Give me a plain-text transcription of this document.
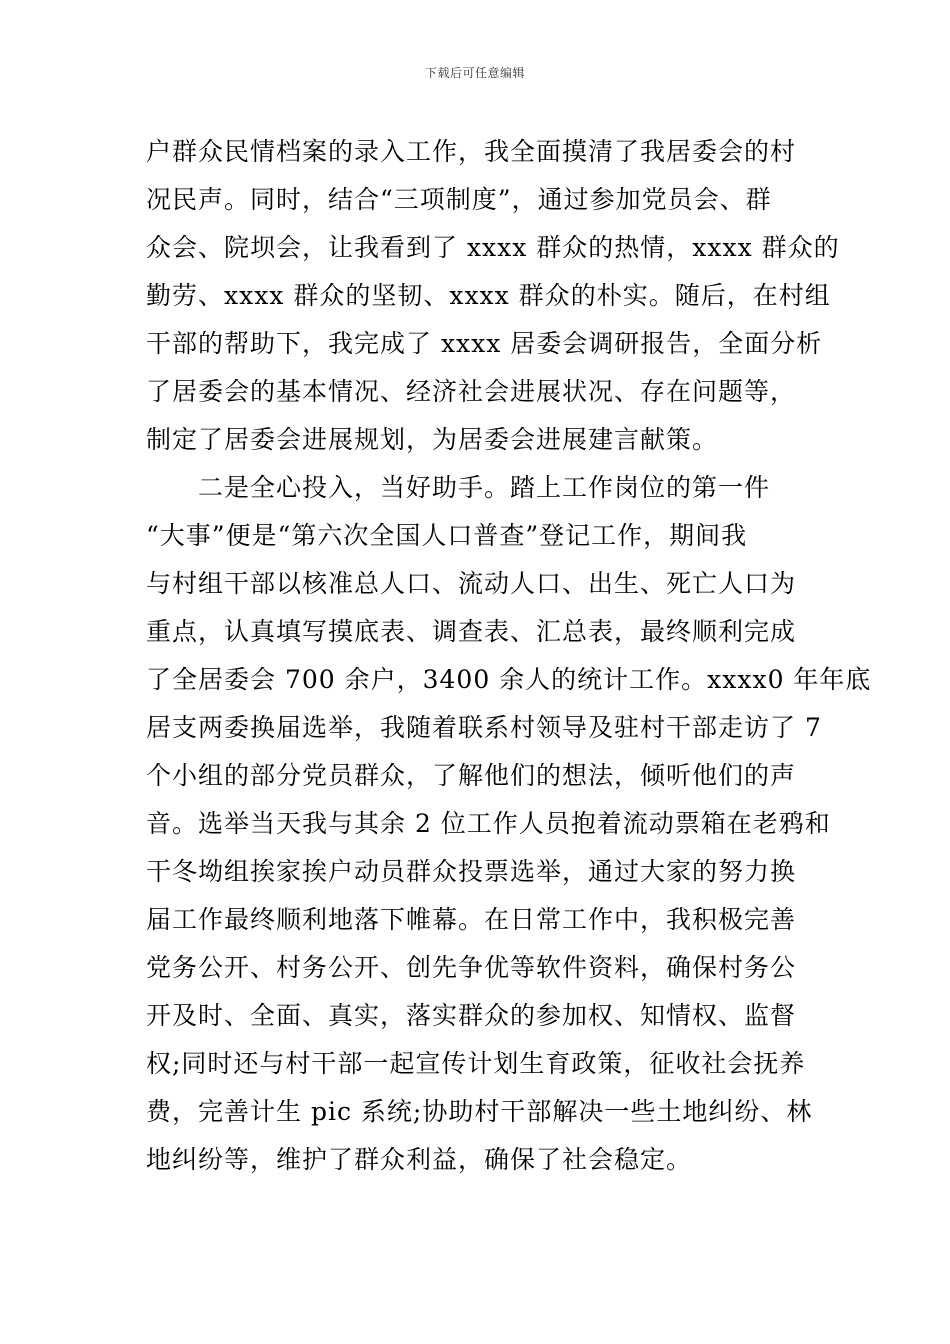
下载后可任意编辑
户群众民情档案的录入工作，我全面摸清了我居委会的村
况民声。同时，结合“三项制度”，通过参加党员会、群
众会、院坝会，让我看到了 xxxx 群众的热情，xxxx 群众的
勤劳、xxxx 群众的坚韧、xxxx 群众的朴实。随后，在村组
干部的帮助下，我完成了 xxxx 居委会调研报告，全面分析
了居委会的基本情况、经济社会进展状况、存在问题等，
制定了居委会进展规划，为居委会进展建言献策。
　　二是全心投入，当好助手。踏上工作岗位的第一件
“大事”便是“第六次全国人口普查”登记工作，期间我
与村组干部以核准总人口、流动人口、出生、死亡人口为
重点，认真填写摸底表、调查表、汇总表，最终顺利完成
了全居委会 700 余户，3400 余人的统计工作。xxxx0 年年底
居支两委换届选举，我随着联系村领导及驻村干部走访了 7
个小组的部分党员群众，了解他们的想法，倾听他们的声
音。选举当天我与其余 2 位工作人员抱着流动票箱在老鸦和
干冬坳组挨家挨户动员群众投票选举，通过大家的努力换
届工作最终顺利地落下帷幕。在日常工作中，我积极完善
党务公开、村务公开、创先争优等软件资料，确保村务公
开及时、全面、真实，落实群众的参加权、知情权、监督
权;同时还与村干部一起宣传计划生育政策，征收社会抚养
费，完善计生 pic 系统;协助村干部解决一些土地纠纷、林
地纠纷等，维护了群众利益，确保了社会稳定。
